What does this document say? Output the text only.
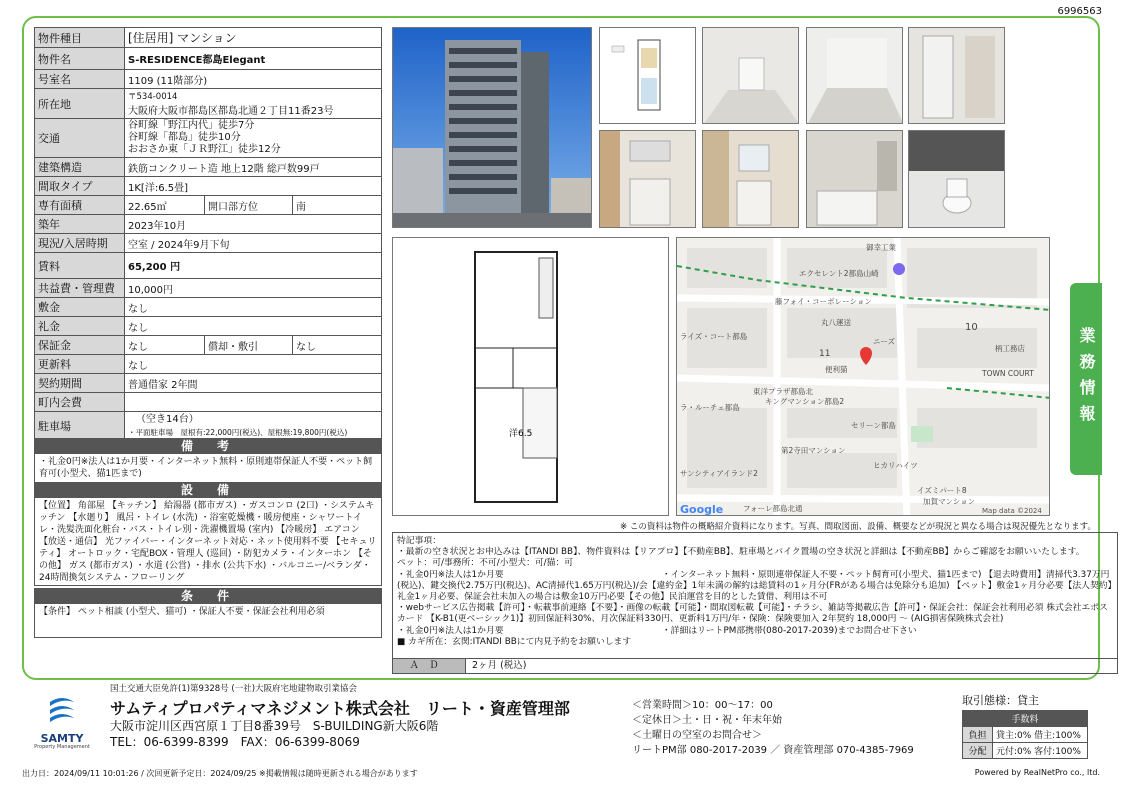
6996563
業務情報
物件種目	[住居用] マンション		
物件名	S-RESIDENCE都島Elegant		
号室名	1109 (11階部分)		
所在地	〒534-0014
大阪府大阪市都島区都島北通２丁目11番23号		

交通	谷町線「野江内代」徒歩7分
谷町線「都島」徒歩10分
おおさか東「ＪＲ野江」徒歩12分		

建築構造	鉄筋コンクリート造 地上12階 総戸数99戸		
間取タイプ	1K[洋:6.5畳]		
専有面積	22.65㎡	開口部方位	南
築年	2023年10月		
現況/入居時期	空室 / 2024年9月下旬		
賃料	65,200 円		
共益費・管理費	10,000円		
敷金	なし		
礼金	なし		
保証金	なし	償却・敷引	なし
更新料	なし		
契約期間	普通借家 2年間		
町内会費			
駐車場	（空き14台）
・平面駐車場　屋根有:22,000円(税込)、屋根無:19,800円(税込)		
備　考
・礼金0円※法人は1か月要・インターネット無料・原則連帯保証人不要・ペット飼育可(小型犬、猫1匹まで)
設　備
【位置】 角部屋 【キッチン】 給湯器 (都市ガス) ・ガスコンロ (2口) ・システムキッチン 【水廻り】 風呂・トイレ (水洗) ・浴室乾燥機・暖房便座・シャワートイレ・洗髪洗面化粧台・バス・トイレ別・洗濯機置場 (室内) 【冷暖房】 エアコン 【放送・通信】 光ファイバー・インターネット対応・ネット使用料不要 【セキュリティ】 オートロック・宅配BOX・管理人 (巡回) ・防犯カメラ・インターホン 【その他】 ガス (都市ガス) ・水道 (公営) ・排水 (公共下水) ・バルコニー/ベランダ・24時間換気システム・フローリング
条　件
【条件】 ペット相談 (小型犬、猫可) ・保証人不要・保証会社利用必須
洋6.5
御幸工業
エクセレント2都島山崎
藤フォイ・コーポレーション
丸八運送	10
ライズ・コート都島
11
ニーズ
柄工務店
便利猫	TOWN COURT
東洋プラザ都島北
キングマンション都島2
ラ・ルーチェ都島
セリーン都島
第2寺田マンション
ヒカリハイツ
サンシティアイランド2
イズミパート8
加賀マンション
フォーレ都島北通
Google	Map data ©2024
※ この資料は物件の概略紹介資料になります。写真、間取図面、設備、概要などが現況と異なる場合は現況優先となります。
特記事項：
・最新の空き状況とお申込みは【ITANDI BB】、物件資料は【リアプロ】【不動産BB】、駐車場とバイク置場の空き状況と詳細は【不動産BB】からご確認をお願いいたします。
ペット：可/事務所：不可/小型犬：可/猫：可
・礼金0円※法人は1か月要　　　　　　　　　　　　　　　　　　・インターネット無料・原則連帯保証人不要・ペット飼育可(小型犬、猫1匹まで) 【退去時費用】清掃代3.37万円(税込)、鍵交換代2.75万円(税込)、AC清掃代1.65万円(税込)/会【違約金】1年未満の解約は総賃料の1ヶ月分(FRがある場合は免除分も追加) 【ペット】敷金1ヶ月分必要【法人契約】礼金1ヶ月必要、保証会社未加入の場合は敷金10万円必要【その他】民泊運営を目的とした賃借、利用は不可
・webサービス広告掲載【許可】・転載事前連絡【不要】・画像の転載【可能】・間取図転載【可能】・チラシ、雑誌等掲載広告【許可】・保証会社：保証会社利用必須 株式会社エポスカード 【K-B1(更ベーシック1)】初回保証料30%、月次保証料330円、更新料1万円/年・保険：保険要加入 2年契約 18,000円 〜 (AIG損害保険株式会社)
・礼金0円※法人は1か月要　　　　　　　　　　　　　　　　　　・詳細はリートPM部携帯(080-2017-2039)までお問合せ下さい
■ カギ所在：玄関:ITANDI BBにて内見予約をお願いします
ＡＤ	2ヶ月 (税込)
SAMTY
Property Management
国土交通大臣免許(1)第9328号 (一社)大阪府宅地建物取引業協会
サムティプロパティマネジメント株式会社　リート・資産管理部
大阪市淀川区西宮原１丁目8番39号　S-BUILDING新大阪6階
TEL：06-6399-8399　FAX：06-6399-8069
＜営業時間＞10：00〜17：00
＜定休日＞土・日・祝・年末年始
＜土曜日の空室のお問合せ＞
リートPM部 080-2017-2039 ／ 資産管理部 070-4385-7969
取引態様：貸主
手数料	
負担	貸主:0% 借主:100%
分配	元付:0% 客付:100%
出力日：2024/09/11 10:01:26 / 次回更新予定日：2024/09/25 ※掲載情報は随時更新される場合があります	Powered by RealNetPro co., ltd.
